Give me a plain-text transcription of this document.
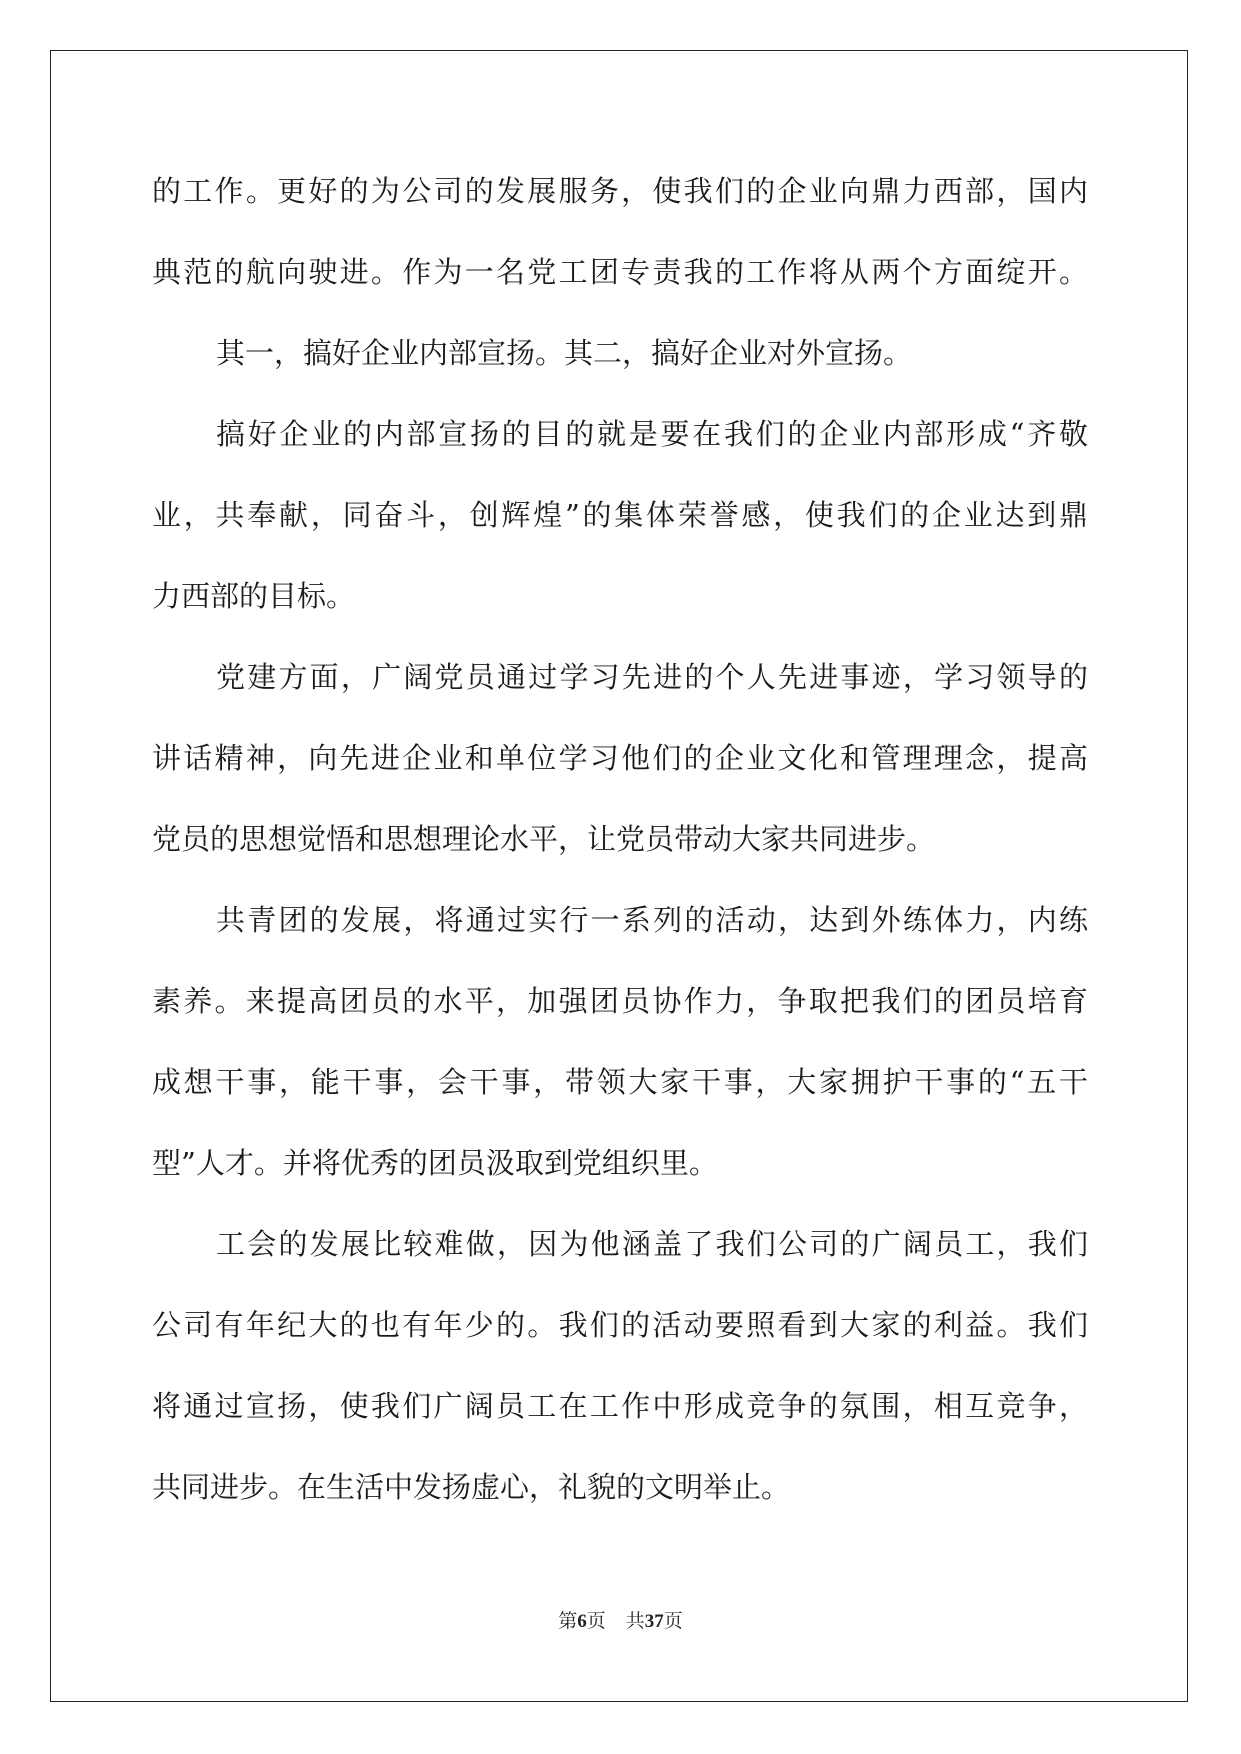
的工作。更好的为公司的发展服务，使我们的企业向鼎力西部，国内
典范的航向驶进。作为一名党工团专责我的工作将从两个方面绽开。
其一，搞好企业内部宣扬。其二，搞好企业对外宣扬。
搞好企业的内部宣扬的目的就是要在我们的企业内部形成“齐敬
业，共奉献，同奋斗，创辉煌”的集体荣誉感，使我们的企业达到鼎
力西部的目标。
党建方面，广阔党员通过学习先进的个人先进事迹，学习领导的
讲话精神，向先进企业和单位学习他们的企业文化和管理理念，提高
党员的思想觉悟和思想理论水平，让党员带动大家共同进步。
共青团的发展，将通过实行一系列的活动，达到外练体力，内练
素养。来提高团员的水平，加强团员协作力，争取把我们的团员培育
成想干事，能干事，会干事，带领大家干事，大家拥护干事的“五干
型”人才。并将优秀的团员汲取到党组织里。
工会的发展比较难做，因为他涵盖了我们公司的广阔员工，我们
公司有年纪大的也有年少的。我们的活动要照看到大家的利益。我们
将通过宣扬，使我们广阔员工在工作中形成竞争的氛围，相互竞争，
共同进步。在生活中发扬虚心，礼貌的文明举止。
第6页 共37页
